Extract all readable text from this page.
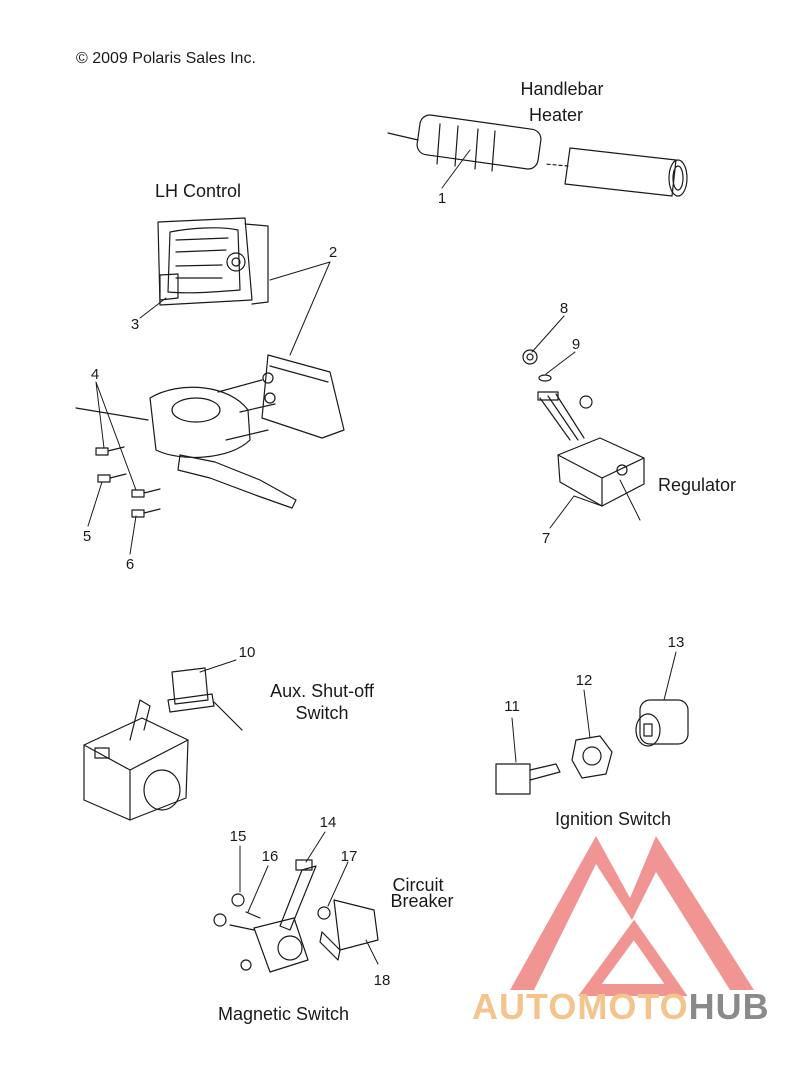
© 2009 Polaris Sales Inc.
Handlebar
Heater
LH Control
Regulator
Aux. Shut-off
Switch
Ignition Switch
Circuit
Breaker
Magnetic Switch
1
2
3
4
5
6
7
8
9
10
11
12
13
14
15
16	17
18
AUTOMOTOHUB
